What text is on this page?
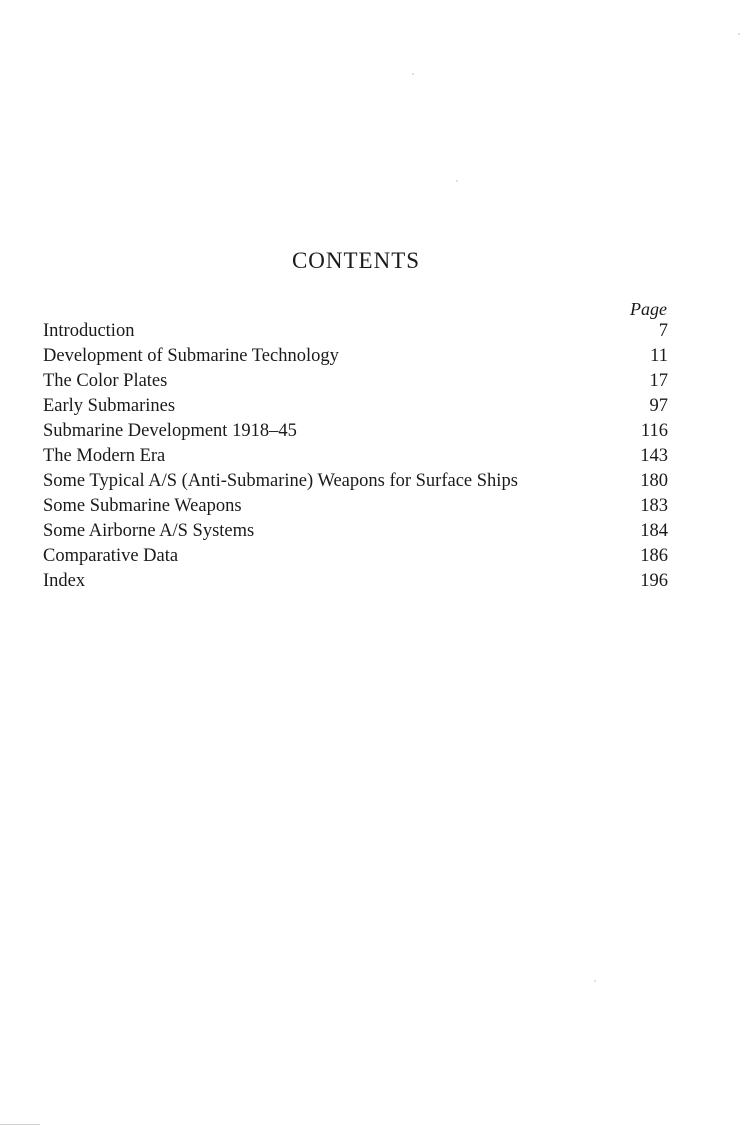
CONTENTS
Page
Introduction	7
Development of Submarine Technology	11
The Color Plates	17
Early Submarines	97
Submarine Development 1918–45	116
The Modern Era	143
Some Typical A/S (Anti-Submarine) Weapons for Surface Ships	180
Some Submarine Weapons	183
Some Airborne A/S Systems	184
Comparative Data	186
Index	196
